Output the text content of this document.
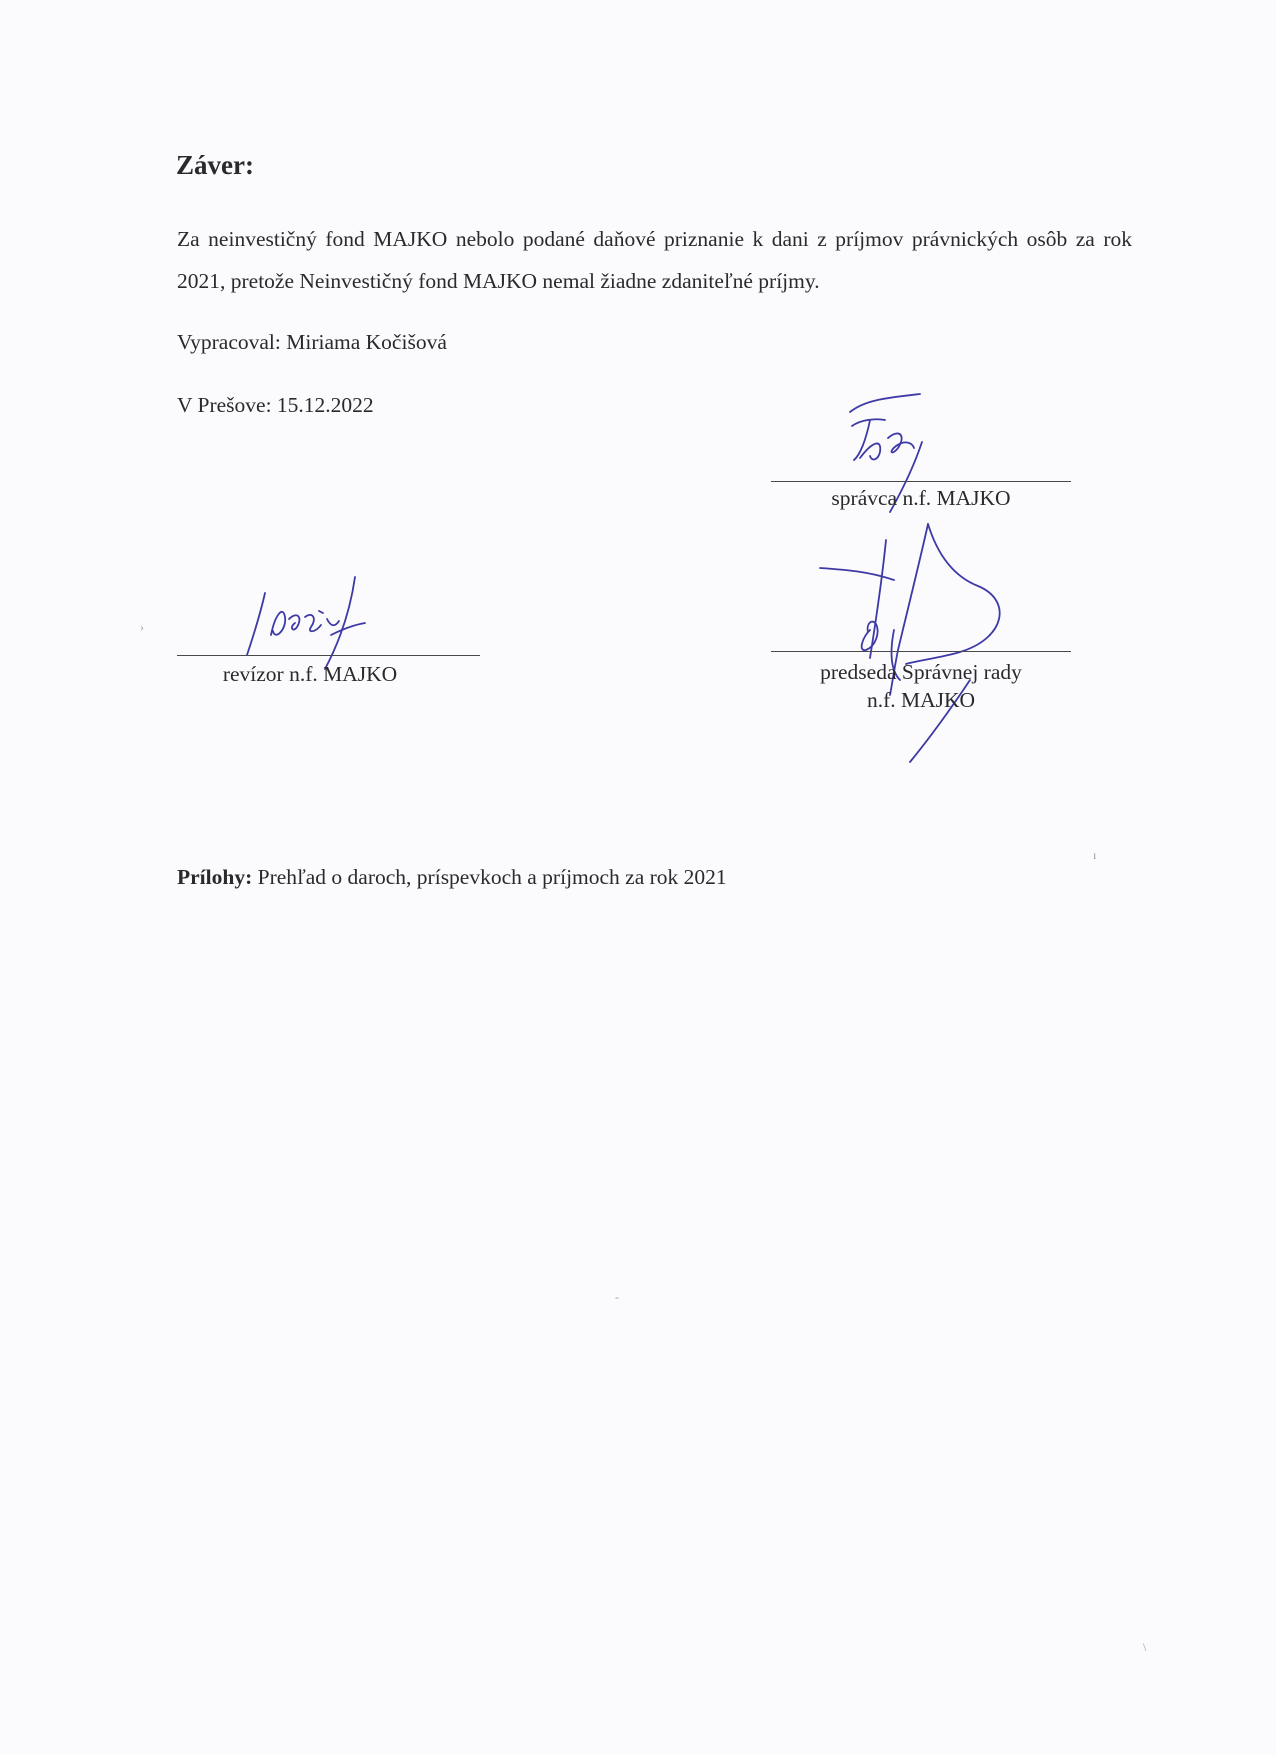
Záver:

Za neinvestičný fond MAJKO nebolo podané daňové priznanie k dani z príjmov právnických osôb za rok 2021, pretože Neinvestičný fond MAJKO nemal žiadne zdaniteľné príjmy.

Vypracoval: Miriama Kočišová

V Prešove: 15.12.2022

správca n.f. MAJKO
revízor n.f. MAJKO	predseda Správnej rady
n.f. MAJKO

Prílohy: Prehľad o daroch, príspevkoch a príjmoch za rok 2021

›
ı
-
\
